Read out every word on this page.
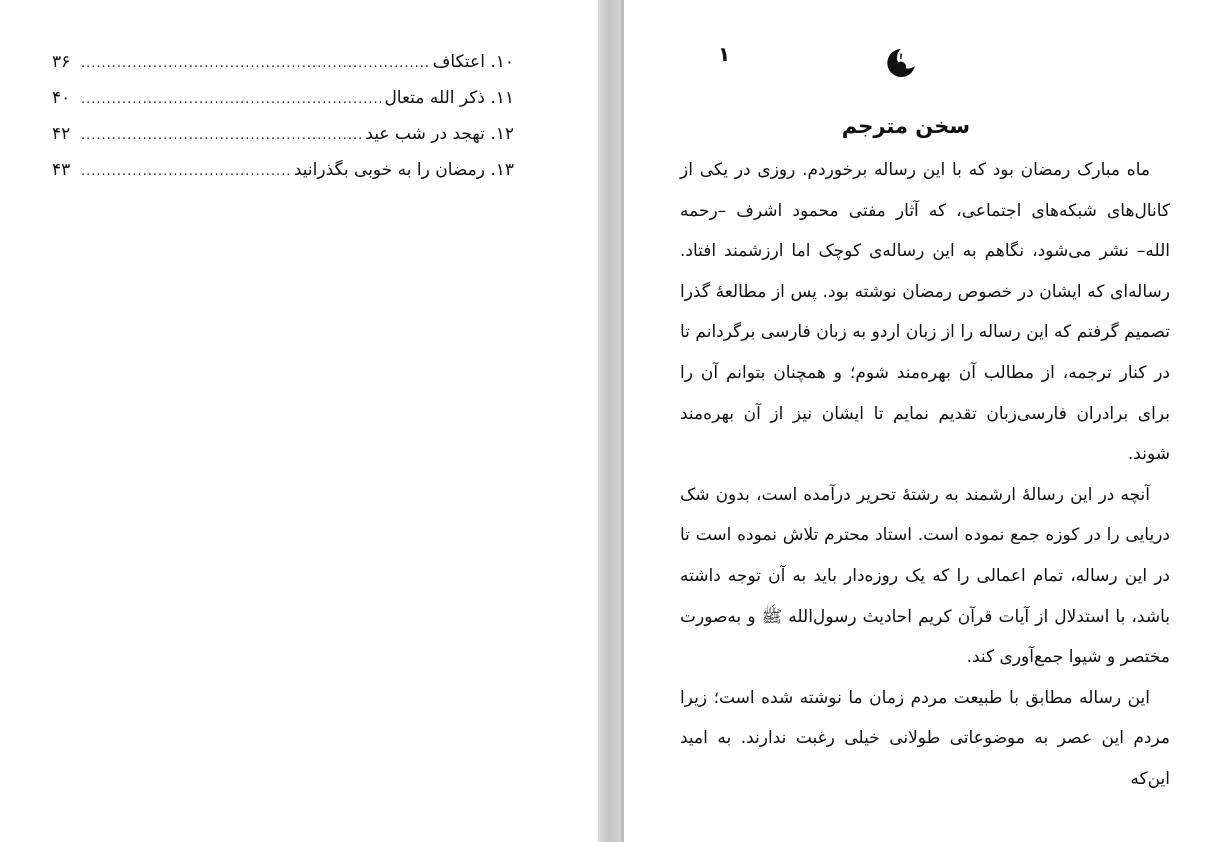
۱۰. اعتکاف
.....
۳۶
۱۱. ذکر الله متعال
.....
۴۰
۱۲. تهجد در شب عید
.....
۴۲
۱۳. رمضان را به خوبی بگذرانید
.....
۴۳
۱
سخن مترجم

ماه مبارک رمضان بود که با این رساله برخوردم. روزی در یکی از کانال‌های شبکه‌های اجتماعی، که آثار مفتی محمود اشرف –رحمه الله– نشر می‌شود، نگاهم به این رساله‌ی کوچک اما ارزشمند افتاد. رساله‌ای که ایشان در خصوص رمضان نوشته بود. پس از مطالعۀ گذرا تصمیم گرفتم که این رساله را از زبان اردو به زبان فارسی برگردانم تا در کنار ترجمه، از مطالب آن بهره‌مند شوم؛ و همچنان بتوانم آن را برای برادران فارسی‌زبان تقدیم نمایم تا ایشان نیز از آن بهره‌مند شوند.

آنچه در این رسالۀ ارشمند به رشتۀ تحریر درآمده است، بدون شک دریایی را در کوزه جمع نموده است. استاد محترم تلاش نموده است تا در این رساله، تمام اعمالی را که یک روزه‌دار باید به آن توجه داشته باشد، با استدلال از آیات قرآن کریم احادیث رسول‌الله ﷺ و به‌صورت مختصر و شیوا جمع‌آوری کند.

این رساله مطابق با طبیعت مردم زمان ما نوشته شده است؛ زیرا مردم این عصر به موضوعاتی طولانی خیلی رغبت ندارند. به امید این‌که
